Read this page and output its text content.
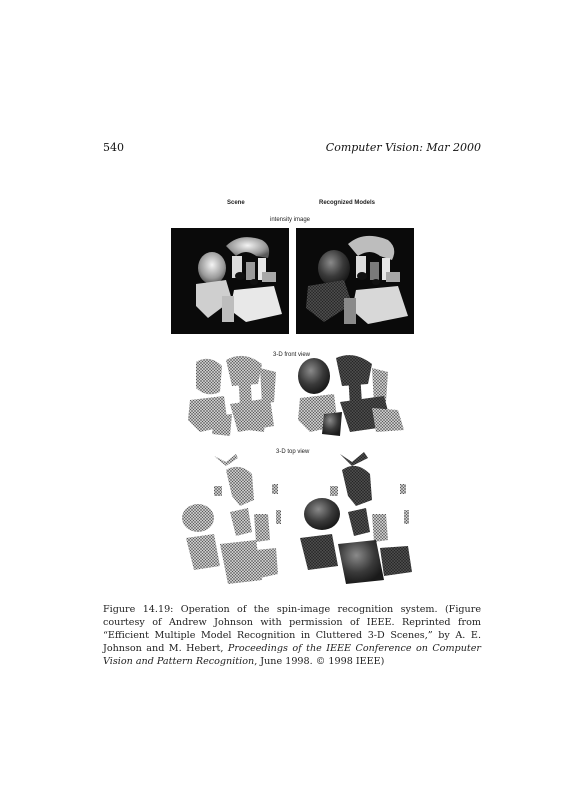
540	Computer Vision: Mar 2000
Scene	Recognized Models
intensity image
3-D front view
3-D top view
Figure 14.19: Operation of the spin-image recognition system. (Figure courtesy of Andrew Johnson with permission of IEEE. Reprinted from “Efficient Multiple Model Recognition in Cluttered 3-D Scenes,” by A. E. Johnson and M. Hebert, Proceedings of the IEEE Conference on Computer Vision and Pattern Recognition, June 1998. © 1998 IEEE)
